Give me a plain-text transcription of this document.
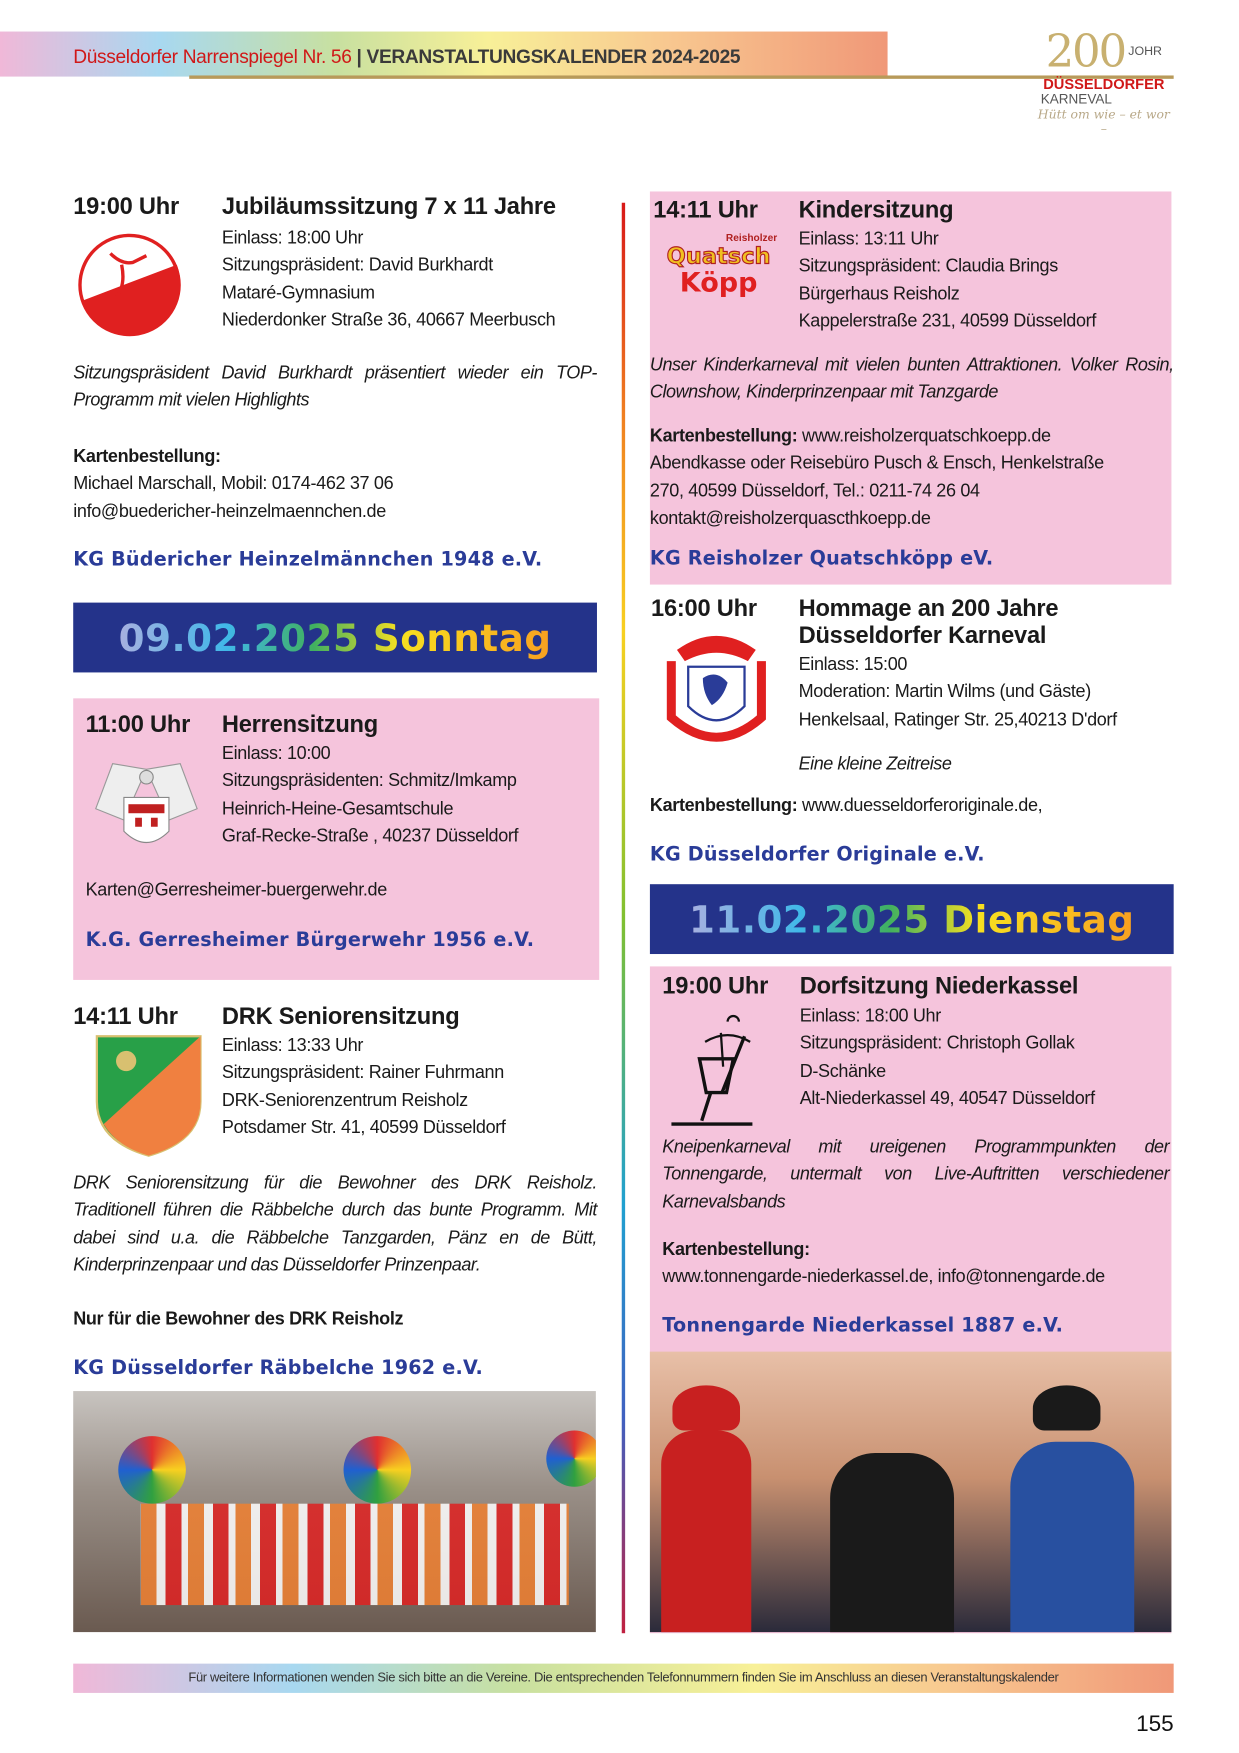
Düsseldorfer Narrenspiegel Nr. 56 | VERANSTALTUNGSKALENDER 2024-2025	200 JOHR
DÜSSELDORFER
KARNEVAL
Hütt om wie – et wor –
19:00 Uhr Jubiläumssitzung 7 x 11 Jahre
Einlass: 18:00 Uhr
Sitzungspräsident: David Burkhardt
Mataré-Gymnasium
Niederdonker Straße 36, 40667 Meerbusch
Sitzungspräsident David Burkhardt präsentiert wieder ein TOP-Programm mit vielen Highlights
Kartenbestellung:
Michael Marschall, Mobil: 0174-462 37 06
info@buedericher-heinzelmaennchen.de
KG Büdericher Heinzelmännchen 1948 e.V.
09.02.2025 Sonntag
11:00 Uhr Herrensitzung
Einlass: 10:00
Sitzungspräsidenten: Schmitz/Imkamp
Heinrich-Heine-Gesamtschule
Graf-Recke-Straße , 40237 Düsseldorf
Karten@Gerresheimer-buergerwehr.de
K.G. Gerresheimer Bürgerwehr 1956 e.V.
14:11 Uhr DRK Seniorensitzung
Einlass: 13:33 Uhr
Sitzungspräsident: Rainer Fuhrmann
DRK-Seniorenzentrum Reisholz
Potsdamer Str. 41, 40599 Düsseldorf
DRK Seniorensitzung für die Bewohner des DRK Reisholz. Traditionell führen die Räbbelche durch das bunte Programm. Mit dabei sind u.a. die Räbbelche Tanzgarden, Pänz en de Bütt, Kinderprinzenpaar und das Düsseldorfer Prinzenpaar.
Nur für die Bewohner des DRK Reisholz
KG Düsseldorfer Räbbelche 1962 e.V.
14:11 Uhr Kindersitzung
Reisholzer
Quatsch
Köpp
Einlass: 13:11 Uhr
Sitzungspräsident: Claudia Brings
Bürgerhaus Reisholz
Kappelerstraße 231, 40599 Düsseldorf
Unser Kinderkarneval mit vielen bunten Attraktionen. Volker Rosin, Clownshow, Kinderprinzenpaar mit Tanzgarde
Kartenbestellung: www.reisholzerquatschkoepp.de
Abendkasse oder Reisebüro Pusch & Ensch, Henkelstraße
270, 40599 Düsseldorf, Tel.: 0211-74 26 04
kontakt@reisholzerquascthkoepp.de
KG Reisholzer Quatschköpp eV.
16:00 Uhr Hommage an 200 Jahre
Düsseldorfer Karneval
Einlass: 15:00
Moderation: Martin Wilms (und Gäste)
Henkelsaal, Ratinger Str. 25,40213 D'dorf
Eine kleine Zeitreise
Kartenbestellung: www.duesseldorferoriginale.de,
KG Düsseldorfer Originale e.V.
11.02.2025 Dienstag
19:00 Uhr Dorfsitzung Niederkassel
Einlass: 18:00 Uhr
Sitzungspräsident: Christoph Gollak
D-Schänke
Alt-Niederkassel 49, 40547 Düsseldorf
Kneipenkarneval mit ureigenen Programmpunkten der Tonnengarde, untermalt von Live-Auftritten verschiedener Karnevalsbands
Kartenbestellung:
www.tonnengarde-niederkassel.de, info@tonnengarde.de
Tonnengarde Niederkassel 1887 e.V.
Für weitere Informationen wenden Sie sich bitte an die Vereine. Die entsprechenden Telefonnummern finden Sie im Anschluss an diesen Veranstaltungskalender
155
